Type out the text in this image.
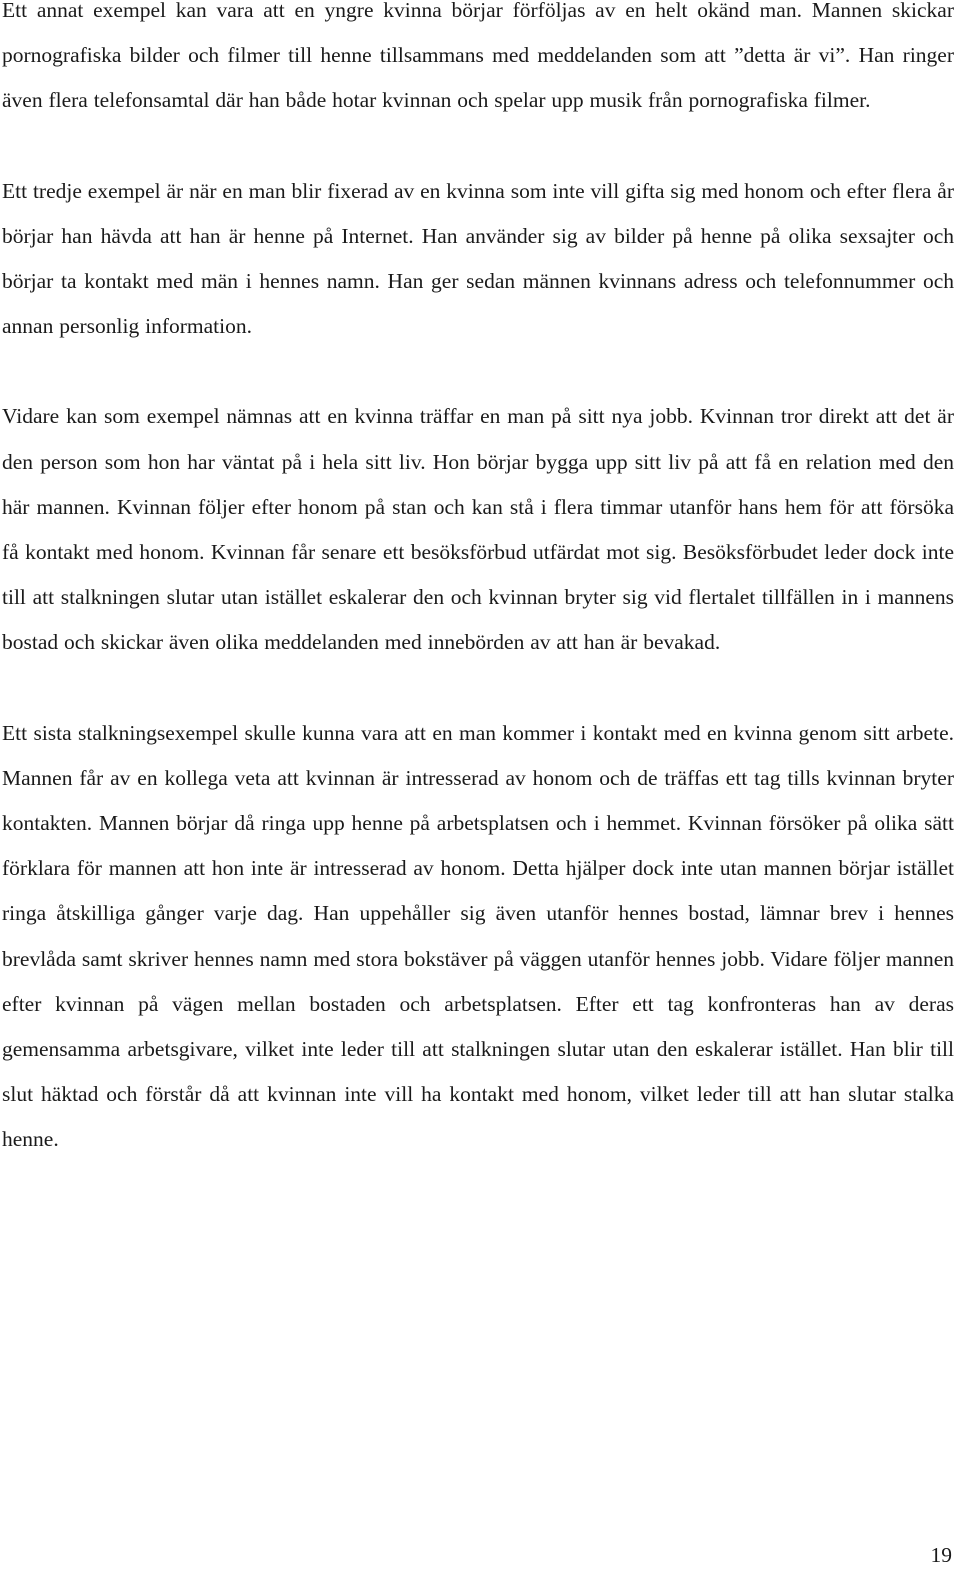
Ett annat exempel kan vara att en yngre kvinna börjar förföljas av en helt okänd man. Mannen skickar pornografiska bilder och filmer till henne tillsammans med meddelanden som att ”detta är vi”. Han ringer även flera telefonsamtal där han både hotar kvinnan och spelar upp musik från pornografiska filmer.

Ett tredje exempel är när en man blir fixerad av en kvinna som inte vill gifta sig med honom och efter flera år börjar han hävda att han är henne på Internet. Han använder sig av bilder på henne på olika sexsajter och börjar ta kontakt med män i hennes namn. Han ger sedan männen kvinnans adress och telefonnummer och annan personlig information.

Vidare kan som exempel nämnas att en kvinna träffar en man på sitt nya jobb. Kvinnan tror direkt att det är den person som hon har väntat på i hela sitt liv. Hon börjar bygga upp sitt liv på att få en relation med den här mannen. Kvinnan följer efter honom på stan och kan stå i flera timmar utanför hans hem för att försöka få kontakt med honom. Kvinnan får senare ett besöksförbud utfärdat mot sig. Besöksförbudet leder dock inte till att stalkningen slutar utan istället eskalerar den och kvinnan bryter sig vid flertalet tillfällen in i mannens bostad och skickar även olika meddelanden med innebörden av att han är bevakad.

Ett sista stalkningsexempel skulle kunna vara att en man kommer i kontakt med en kvinna genom sitt arbete. Mannen får av en kollega veta att kvinnan är intresserad av honom och de träffas ett tag tills kvinnan bryter kontakten. Mannen börjar då ringa upp henne på arbetsplatsen och i hemmet. Kvinnan försöker på olika sätt förklara för mannen att hon inte är intresserad av honom. Detta hjälper dock inte utan mannen börjar istället ringa åtskilliga gånger varje dag. Han uppehåller sig även utanför hennes bostad, lämnar brev i hennes brevlåda samt skriver hennes namn med stora bokstäver på väggen utanför hennes jobb. Vidare följer mannen efter kvinnan på vägen mellan bostaden och arbetsplatsen. Efter ett tag konfronteras han av deras gemensamma arbetsgivare, vilket inte leder till att stalkningen slutar utan den eskalerar istället. Han blir till slut häktad och förstår då att kvinnan inte vill ha kontakt med honom, vilket leder till att han slutar stalka henne.

19
